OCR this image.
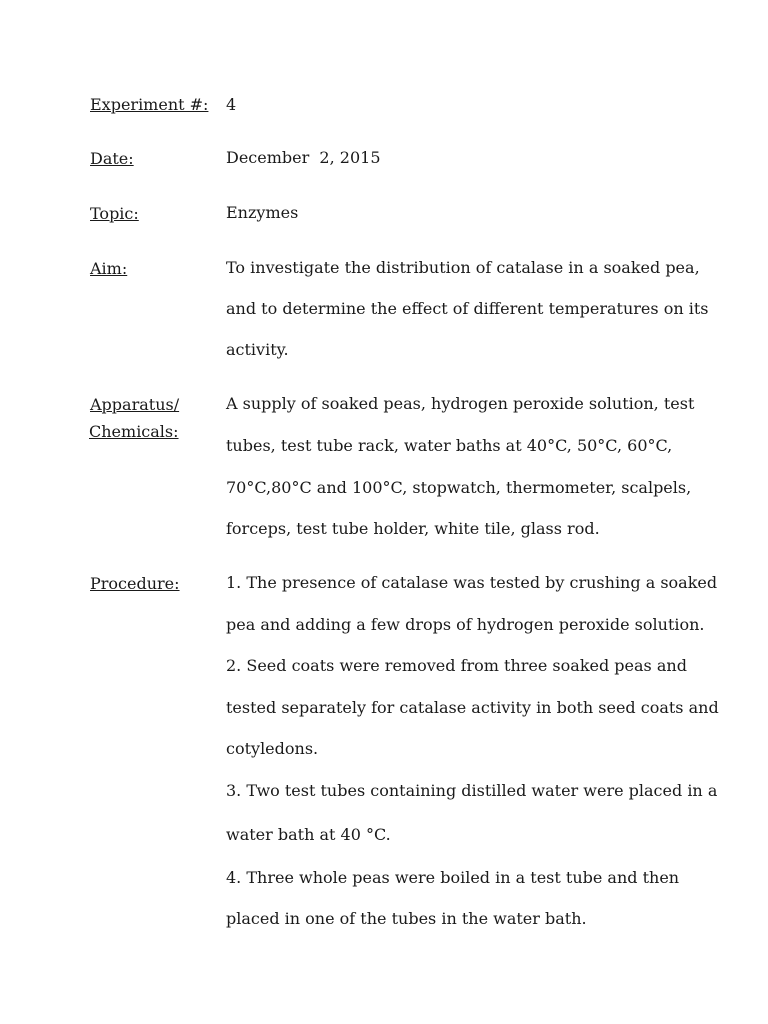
Experiment #: 4
Date:	December  2, 2015
Topic:	Enzymes
Aim:	To investigate the distribution of catalase in a soaked pea,
and to determine the effect of different temperatures on its
activity.
Apparatus/
Chemicals:
A supply of soaked peas, hydrogen peroxide solution, test
tubes, test tube rack, water baths at 40°C, 50°C, 60°C,
70°C,80°C and 100°C, stopwatch, thermometer, scalpels,
forceps, test tube holder, white tile, glass rod.
Procedure:	1. The presence of catalase was tested by crushing a soaked
pea and adding a few drops of hydrogen peroxide solution.
2. Seed coats were removed from three soaked peas and
tested separately for catalase activity in both seed coats and
cotyledons.
3. Two test tubes containing distilled water were placed in a
water bath at 40 °C.
4. Three whole peas were boiled in a test tube and then
placed in one of the tubes in the water bath.
